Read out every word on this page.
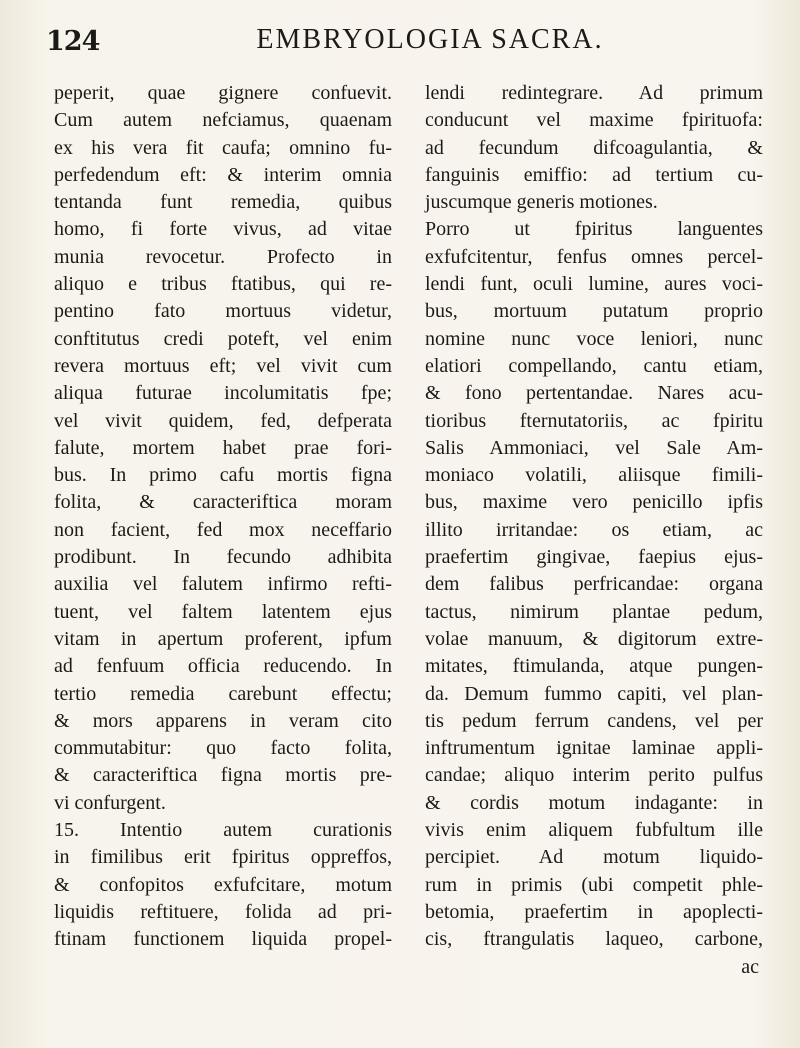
124	EMBRYOLOGIA SACRA.
peperit, quae gignere confuevit.
Cum autem nefciamus, quaenam
ex his vera fit caufa; omnino fu-
perfedendum eft: & interim omnia
tentanda funt remedia, quibus
homo, fi forte vivus, ad vitae
munia revocetur. Profecto in
aliquo e tribus ftatibus, qui re-
pentino fato mortuus videtur,
conftitutus credi poteft, vel enim
revera mortuus eft; vel vivit cum
aliqua futurae incolumitatis fpe;
vel vivit quidem, fed, defperata
falute, mortem habet prae fori-
bus. In primo cafu mortis figna
folita, & caracteriftica moram
non facient, fed mox neceffario
prodibunt. In fecundo adhibita
auxilia vel falutem infirmo refti-
tuent, vel faltem latentem ejus
vitam in apertum proferent, ipfum
ad fenfuum officia reducendo. In
tertio remedia carebunt effectu;
& mors apparens in veram cito
commutabitur: quo facto folita,
& caracteriftica figna mortis pre-
vi confurgent.
15. Intentio autem curationis
in fimilibus erit fpiritus oppreffos,
& confopitos exfufcitare, motum
liquidis reftituere, folida ad pri-
ftinam functionem liquida propel-
lendi redintegrare. Ad primum
conducunt vel maxime fpirituofa:
ad fecundum difcoagulantia, &
fanguinis emiffio: ad tertium cu-
juscumque generis motiones.
Porro ut fpiritus languentes
exfufcitentur, fenfus omnes percel-
lendi funt, oculi lumine, aures voci-
bus, mortuum putatum proprio
nomine nunc voce leniori, nunc
elatiori compellando, cantu etiam,
& fono pertentandae. Nares acu-
tioribus fternutatoriis, ac fpiritu
Salis Ammoniaci, vel Sale Am-
moniaco volatili, aliisque fimili-
bus, maxime vero penicillo ipfis
illito irritandae: os etiam, ac
praefertim gingivae, faepius ejus-
dem falibus perfricandae: organa
tactus, nimirum plantae pedum,
volae manuum, & digitorum extre-
mitates, ftimulanda, atque pungen-
da. Demum fummo capiti, vel plan-
tis pedum ferrum candens, vel per
inftrumentum ignitae laminae appli-
candae; aliquo interim perito pulfus
& cordis motum indagante: in
vivis enim aliquem fubfultum ille
percipiet. Ad motum liquido-
rum in primis (ubi competit phle-
betomia, praefertim in apoplecti-
cis, ftrangulatis laqueo, carbone,
ac
